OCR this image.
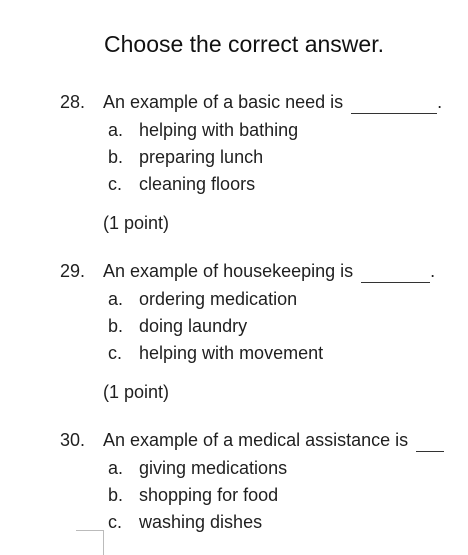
Choose the correct answer.
28. An example of a basic need is	.
a. helping with bathing
b. preparing lunch
c. cleaning floors
(1 point)
29. An example of housekeeping is	.
a. ordering medication
b. doing laundry
c. helping with movement
(1 point)
30. An example of a medical assistance is
a. giving medications
b. shopping for food
c. washing dishes
